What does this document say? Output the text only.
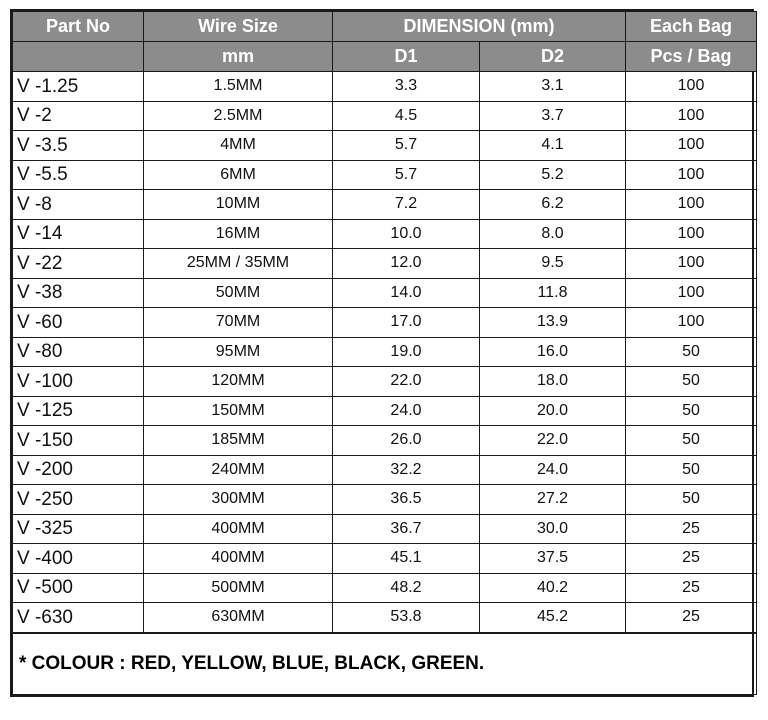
Part No	Wire Size	DIMENSION (mm)		Each Bag
	mm	D1	D2	Pcs / Bag
V -1.25	1.5MM	3.3	3.1	100
V -2	2.5MM	4.5	3.7	100
V -3.5	4MM	5.7	4.1	100
V -5.5	6MM	5.7	5.2	100
V -8	10MM	7.2	6.2	100
V -14	16MM	10.0	8.0	100
V -22	25MM / 35MM	12.0	9.5	100
V -38	50MM	14.0	11.8	100
V -60	70MM	17.0	13.9	100
V -80	95MM	19.0	16.0	50
V -100	120MM	22.0	18.0	50
V -125	150MM	24.0	20.0	50
V -150	185MM	26.0	22.0	50
V -200	240MM	32.2	24.0	50
V -250	300MM	36.5	27.2	50
V -325	400MM	36.7	30.0	25
V -400	400MM	45.1	37.5	25
V -500	500MM	48.2	40.2	25
V -630	630MM	53.8	45.2	25
* COLOUR : RED, YELLOW, BLUE, BLACK, GREEN.				
